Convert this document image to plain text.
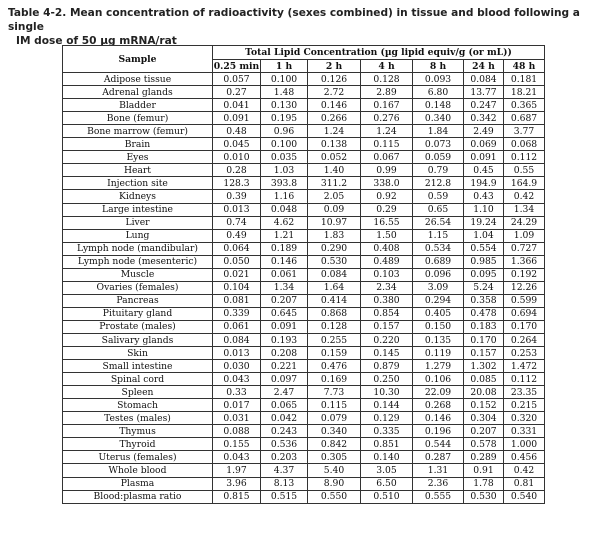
Table 4-2. Mean concentration of radioactivity (sexes combined) in tissue and blood following a single
IM dose of 50 µg mRNA/rat
Sample	Total Lipid Concentration (µg lipid equiv/g (or mL))						
	0.25 min	1 h	2 h	4 h	8 h	24 h	48 h
Adipose tissue	0.057	0.100	0.126	0.128	0.093	0.084	0.181
Adrenal glands	0.27	1.48	2.72	2.89	6.80	13.77	18.21
Bladder	0.041	0.130	0.146	0.167	0.148	0.247	0.365
Bone (femur)	0.091	0.195	0.266	0.276	0.340	0.342	0.687
Bone marrow (femur)	0.48	0.96	1.24	1.24	1.84	2.49	3.77
Brain	0.045	0.100	0.138	0.115	0.073	0.069	0.068
Eyes	0.010	0.035	0.052	0.067	0.059	0.091	0.112
Heart	0.28	1.03	1.40	0.99	0.79	0.45	0.55
Injection site	128.3	393.8	311.2	338.0	212.8	194.9	164.9
Kidneys	0.39	1.16	2.05	0.92	0.59	0.43	0.42
Large intestine	0.013	0.048	0.09	0.29	0.65	1.10	1.34
Liver	0.74	4.62	10.97	16.55	26.54	19.24	24.29
Lung	0.49	1.21	1.83	1.50	1.15	1.04	1.09
Lymph node (mandibular)	0.064	0.189	0.290	0.408	0.534	0.554	0.727
Lymph node (mesenteric)	0.050	0.146	0.530	0.489	0.689	0.985	1.366
Muscle	0.021	0.061	0.084	0.103	0.096	0.095	0.192
Ovaries (females)	0.104	1.34	1.64	2.34	3.09	5.24	12.26
Pancreas	0.081	0.207	0.414	0.380	0.294	0.358	0.599
Pituitary gland	0.339	0.645	0.868	0.854	0.405	0.478	0.694
Prostate (males)	0.061	0.091	0.128	0.157	0.150	0.183	0.170
Salivary glands	0.084	0.193	0.255	0.220	0.135	0.170	0.264
Skin	0.013	0.208	0.159	0.145	0.119	0.157	0.253
Small intestine	0.030	0.221	0.476	0.879	1.279	1.302	1.472
Spinal cord	0.043	0.097	0.169	0.250	0.106	0.085	0.112
Spleen	0.33	2.47	7.73	10.30	22.09	20.08	23.35
Stomach	0.017	0.065	0.115	0.144	0.268	0.152	0.215
Testes (males)	0.031	0.042	0.079	0.129	0.146	0.304	0.320
Thymus	0.088	0.243	0.340	0.335	0.196	0.207	0.331
Thyroid	0.155	0.536	0.842	0.851	0.544	0.578	1.000
Uterus (females)	0.043	0.203	0.305	0.140	0.287	0.289	0.456
Whole blood	1.97	4.37	5.40	3.05	1.31	0.91	0.42
Plasma	3.96	8.13	8.90	6.50	2.36	1.78	0.81
Blood:plasma ratio	0.815	0.515	0.550	0.510	0.555	0.530	0.540
